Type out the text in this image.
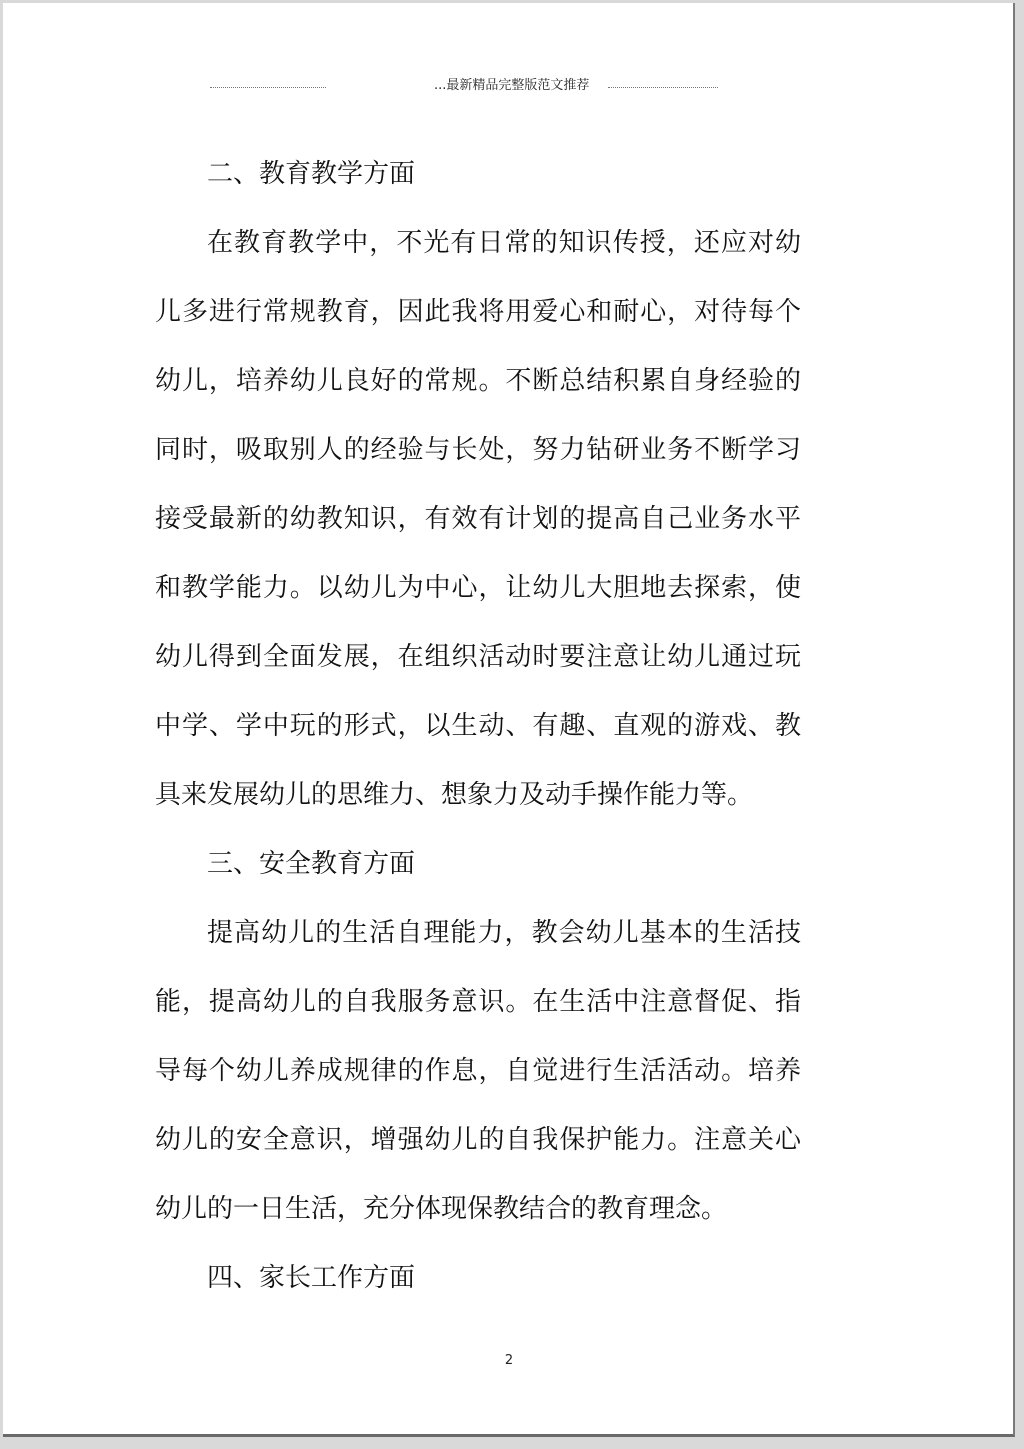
...最新精品完整版范文推荐

二、教育教学方面

在教育教学中，不光有日常的知识传授，还应对幼儿多进行常规教育，因此我将用爱心和耐心，对待每个幼儿，培养幼儿良好的常规。不断总结积累自身经验的同时，吸取别人的经验与长处，努力钻研业务不断学习接受最新的幼教知识，有效有计划的提高自己业务水平和教学能力。以幼儿为中心，让幼儿大胆地去探索，使幼儿得到全面发展，在组织活动时要注意让幼儿通过玩中学、学中玩的形式，以生动、有趣、直观的游戏、教具来发展幼儿的思维力、想象力及动手操作能力等。

三、安全教育方面

提高幼儿的生活自理能力，教会幼儿基本的生活技能，提高幼儿的自我服务意识。在生活中注意督促、指导每个幼儿养成规律的作息，自觉进行生活活动。培养幼儿的安全意识，增强幼儿的自我保护能力。注意关心幼儿的一日生活，充分体现保教结合的教育理念。

四、家长工作方面

2
